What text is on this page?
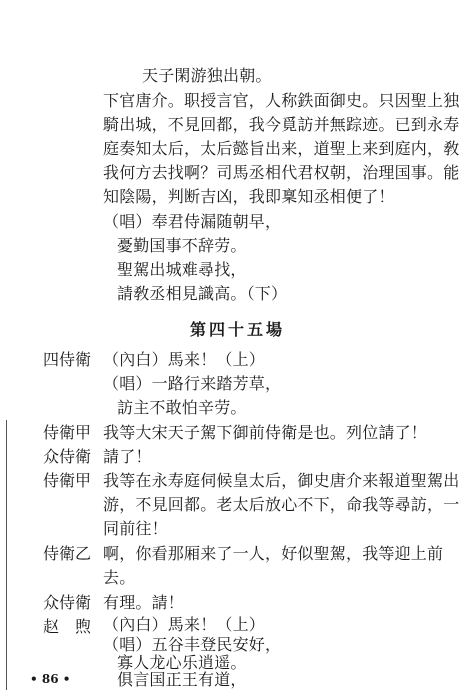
天子閑游独出朝。
下官唐介。职授言官，人称鉄面御史。只因聖上独
騎出城，不見回都，我今覓訪并無踪迹。已到永寿
庭奏知太后，太后懿旨出来，道聖上来到庭内，敎
我何方去找啊？司馬丞相代君权朝，治理国事。能
知陰陽，判断吉凶，我即稟知丞相便了！
（唱）奉君侍漏随朝早，
憂勤国事不辞劳。
聖駕出城难尋找，
請敎丞相見識高。（下）
第四十五場
四侍衛 （內白）馬来！（上）
（唱）一路行来踏芳草，
訪主不敢怕辛劳。
侍衛甲 我等大宋天子駕下御前侍衛是也。列位請了！
众侍衛 請了！
侍衛甲 我等在永寿庭伺候皇太后，御史唐介来報道聖駕出
游，不見回都。老太后放心不下，命我等尋訪，一
同前往！
侍衛乙 啊，你看那厢来了一人，好似聖駕，我等迎上前
去。
众侍衛 有理。請！
赵　煦 （內白）馬来！（上）
（唱）五谷丰登民安好，
寡人龙心乐逍遥。
俱言国正王有道，
• 86 •
